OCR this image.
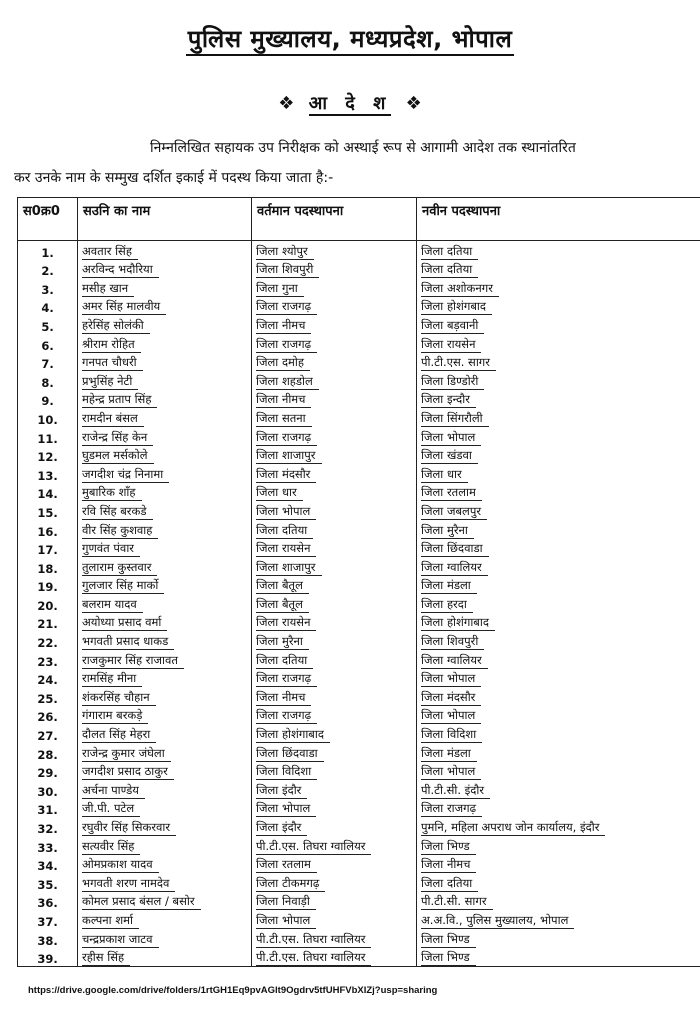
पुलिस मुख्यालय, मध्यप्रदेश, भोपाल
❖ आ दे श ❖
निम्नलिखित सहायक उप निरीक्षक को अस्थाई रूप से आगामी आदेश तक स्थानांतरित
कर उनके नाम के सम्मुख दर्शित इकाई में पदस्थ किया जाता है:-
स0क्र0	सउनि का नाम	वर्तमान पदस्थापना	नवीन पदस्थापना
1.	अवतार सिंह	जिला श्योपुर	जिला दतिया
2.	अरविन्द भदौरिया	जिला शिवपुरी	जिला दतिया
3.	मसीह खान	जिला गुना	जिला अशोकनगर
4.	अमर सिंह मालवीय	जिला राजगढ़	जिला होशंगबाद
5.	हरेसिंह सोलंकी	जिला नीमच	जिला बड़वानी
6.	श्रीराम रोहित	जिला राजगढ़	जिला रायसेन
7.	गनपत चौधरी	जिला दमोह	पी.टी.एस. सागर
8.	प्रभुसिंह नेटी	जिला शहडोल	जिला डिण्डोरी
9.	महेन्द्र प्रताप सिंह	जिला नीमच	जिला इन्दौर
10.	रामदीन बंसल	जिला सतना	जिला सिंगरौली
11.	राजेन्द्र सिंह केन	जिला राजगढ़	जिला भोपाल
12.	घुडमल मर्सकोले	जिला शाजापुर	जिला खंडवा
13.	जगदीश चंद्र निनामा	जिला मंदसौर	जिला धार
14.	मुबारिक शाँह	जिला धार	जिला रतलाम
15.	रवि सिंह बरकडे	जिला भोपाल	जिला जबलपुर
16.	वीर सिंह कुशवाह	जिला दतिया	जिला मुरैना
17.	गुणवंत पंवार	जिला रायसेन	जिला छिंदवाडा
18.	तुलाराम कुस्तवार	जिला शाजापुर	जिला ग्वालियर
19.	गुलजार सिंह मार्को	जिला बैतूल	जिला मंडला
20.	बलराम यादव	जिला बैतूल	जिला हरदा
21.	अयोध्या प्रसाद वर्मा	जिला रायसेन	जिला होशंगाबाद
22.	भगवती प्रसाद धाकड	जिला मुरैना	जिला शिवपुरी
23.	राजकुमार सिंह राजावत	जिला दतिया	जिला ग्वालियर
24.	रामसिंह मीना	जिला राजगढ़	जिला भोपाल
25.	शंकरसिंह चौहान	जिला नीमच	जिला मंदसौर
26.	गंगाराम बरकड़े	जिला राजगढ़	जिला भोपाल
27.	दौलत सिंह मेहरा	जिला होशंगाबाद	जिला विदिशा
28.	राजेन्द्र कुमार जंघेला	जिला छिंदवाडा	जिला मंडला
29.	जगदीश प्रसाद ठाकुर	जिला विदिशा	जिला भोपाल
30.	अर्चना पाण्डेय	जिला इंदौर	पी.टी.सी. इंदौर
31.	जी.पी. पटेल	जिला भोपाल	जिला राजगढ़
32.	रघुवीर सिंह सिकरवार	जिला इंदौर	पुमनि, महिला अपराध जोन कार्यालय, इंदौर
33.	सत्यवीर सिंह	पी.टी.एस. तिघरा ग्वालियर	जिला भिण्ड
34.	ओमप्रकाश यादव	जिला रतलाम	जिला नीमच
35.	भगवती शरण नामदेव	जिला टीकमगढ़	जिला दतिया
36.	कोमल प्रसाद बंसल / बसोर	जिला निवाड़ी	पी.टी.सी. सागर
37.	कल्पना शर्मा	जिला भोपाल	अ.अ.वि., पुलिस मुख्यालय, भोपाल
38.	चन्द्रप्रकाश जाटव	पी.टी.एस. तिघरा ग्वालियर	जिला भिण्ड
39.	रहीस सिंह	पी.टी.एस. तिघरा ग्वालियर	जिला भिण्ड
https://drive.google.com/drive/folders/1rtGH1Eq9pvAGlt9Ogdrv5tfUHFVbXIZj?usp=sharing
